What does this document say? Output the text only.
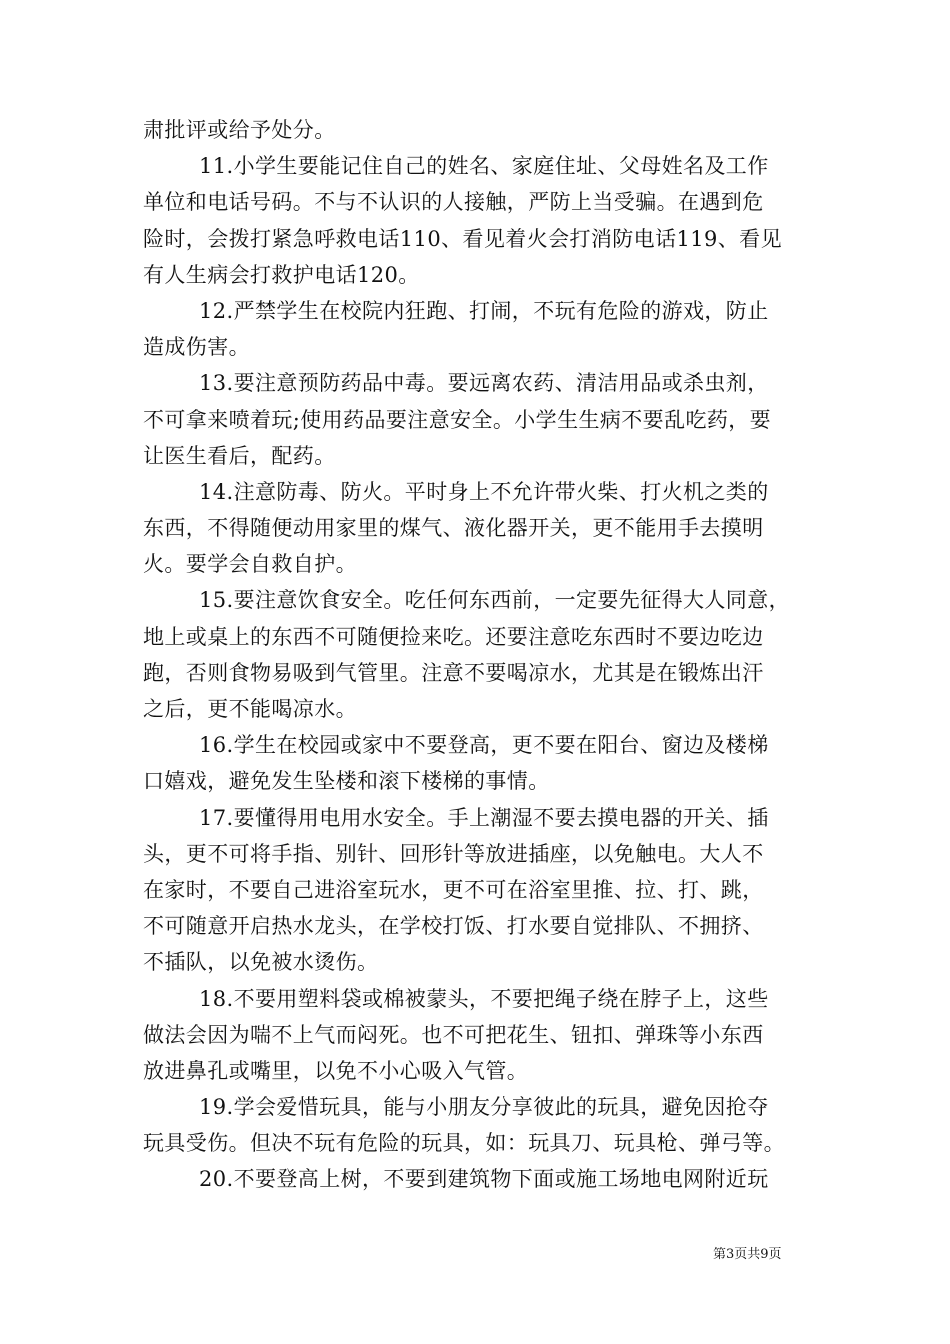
肃批评或给予处分。
11.小学生要能记住自己的姓名、家庭住址、父母姓名及工作
单位和电话号码。不与不认识的人接触，严防上当受骗。在遇到危
险时，会拨打紧急呼救电话110、看见着火会打消防电话119、看见
有人生病会打救护电话120。
12.严禁学生在校院内狂跑、打闹，不玩有危险的游戏，防止
造成伤害。
13.要注意预防药品中毒。要远离农药、清洁用品或杀虫剂，
不可拿来喷着玩;使用药品要注意安全。小学生生病不要乱吃药，要
让医生看后，配药。
14.注意防毒、防火。平时身上不允许带火柴、打火机之类的
东西，不得随便动用家里的煤气、液化器开关，更不能用手去摸明
火。要学会自救自护。
15.要注意饮食安全。吃任何东西前，一定要先征得大人同意，
地上或桌上的东西不可随便捡来吃。还要注意吃东西时不要边吃边
跑，否则食物易吸到气管里。注意不要喝凉水，尤其是在锻炼出汗
之后，更不能喝凉水。
16.学生在校园或家中不要登高，更不要在阳台、窗边及楼梯
口嬉戏，避免发生坠楼和滚下楼梯的事情。
17.要懂得用电用水安全。手上潮湿不要去摸电器的开关、插
头，更不可将手指、别针、回形针等放进插座，以免触电。大人不
在家时，不要自己进浴室玩水，更不可在浴室里推、拉、打、跳，
不可随意开启热水龙头，在学校打饭、打水要自觉排队、不拥挤、
不插队，以免被水烫伤。
18.不要用塑料袋或棉被蒙头，不要把绳子绕在脖子上，这些
做法会因为喘不上气而闷死。也不可把花生、钮扣、弹珠等小东西
放进鼻孔或嘴里，以免不小心吸入气管。
19.学会爱惜玩具，能与小朋友分享彼此的玩具，避免因抢夺
玩具受伤。但决不玩有危险的玩具，如：玩具刀、玩具枪、弹弓等。
20.不要登高上树，不要到建筑物下面或施工场地电网附近玩
第3页共9页
